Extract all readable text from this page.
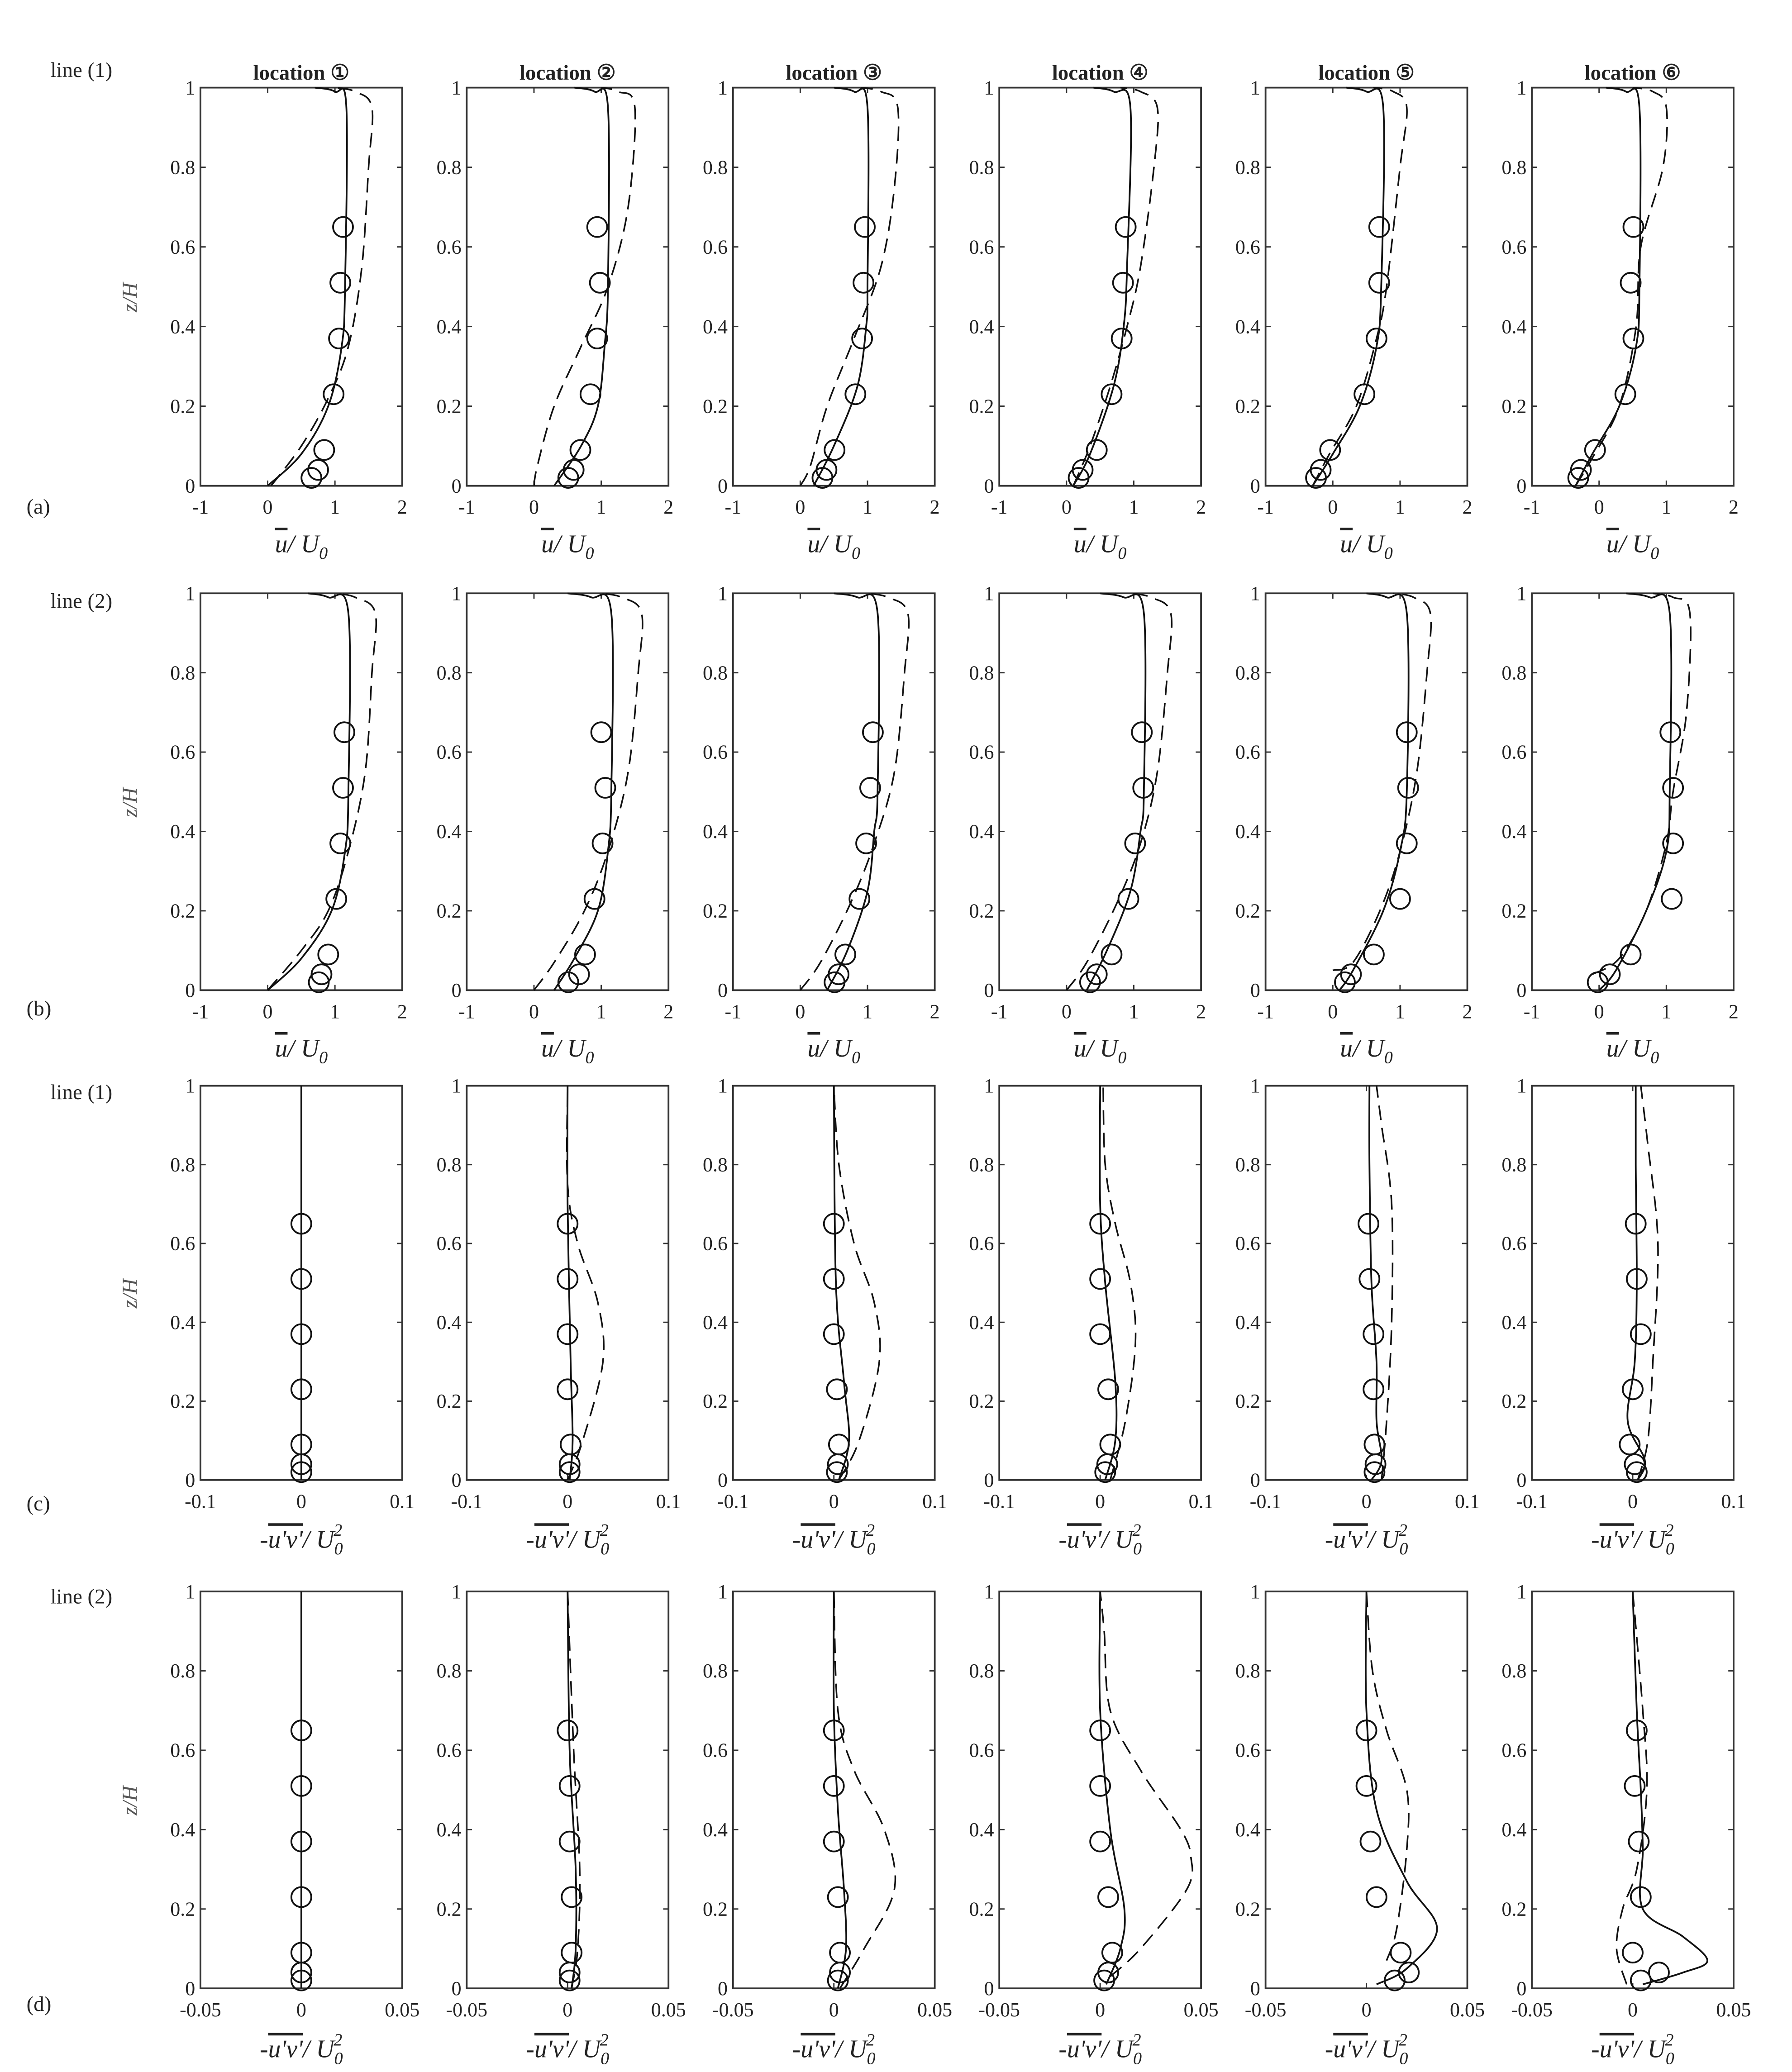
location ①	location ②	location ③	location ④	location ⑤	location ⑥
line (1)
(a)
0
0.2
0.4
0.6
0.8
1
-1	0	1	2
z/H
u/ $U_0$
0
0.2
0.4
0.6
0.8
1
-1	0	1	2
u/ $U_0$
0
0.2
0.4
0.6
0.8
1
-1	0	1	2
u/ $U_0$
0
0.2
0.4
0.6
0.8
1
-1	0	1	2
u/ $U_0$
0
0.2
0.4
0.6
0.8
1
-1	0	1	2
u/ $U_0$
0
0.2
0.4
0.6
0.8
1
-1	0	1	2
u/ $U_0$
line (2)
(b)
0
0.2
0.4
0.6
0.8
1
-1	0	1	2
z/H
u/ $U_0$
0
0.2
0.4
0.6
0.8
1
-1	0	1	2
u/ $U_0$
0
0.2
0.4
0.6
0.8
1
-1	0	1	2
u/ $U_0$
0
0.2
0.4
0.6
0.8
1
-1	0	1	2
u/ $U_0$
0
0.2
0.4
0.6
0.8
1
-1	0	1	2
u/ $U_0$
0
0.2
0.4
0.6
0.8
1
-1	0	1	2
u/ $U_0$
line (1)
(c)
0
0.2
0.4
0.6
0.8
1
-0.1	0	0.1
z/H
-u'v'/ $U_02$
0
0.2
0.4
0.6
0.8
1
-0.1	0	0.1
-u'v'/ $U_02$
0
0.2
0.4
0.6
0.8
1
-0.1	0	0.1
-u'v'/ $U_02$
0
0.2
0.4
0.6
0.8
1
-0.1	0	0.1
-u'v'/ $U_02$
0
0.2
0.4
0.6
0.8
1
-0.1	0	0.1
-u'v'/ $U_02$
0
0.2
0.4
0.6
0.8
1
-0.1	0	0.1
-u'v'/ $U_02$
line (2)
(d)
0
0.2
0.4
0.6
0.8
1
-0.05	0	0.05
z/H
-u'v'/ $U_02$
0
0.2
0.4
0.6
0.8
1
-0.05	0	0.05
-u'v'/ $U_02$
0
0.2
0.4
0.6
0.8
1
-0.05	0	0.05
-u'v'/ $U_02$
0
0.2
0.4
0.6
0.8
1
-0.05	0	0.05
-u'v'/ $U_02$
0
0.2
0.4
0.6
0.8
1
-0.05	0	0.05
-u'v'/ $U_02$
0
0.2
0.4
0.6
0.8
1
-0.05	0	0.05
-u'v'/ $U_02$
